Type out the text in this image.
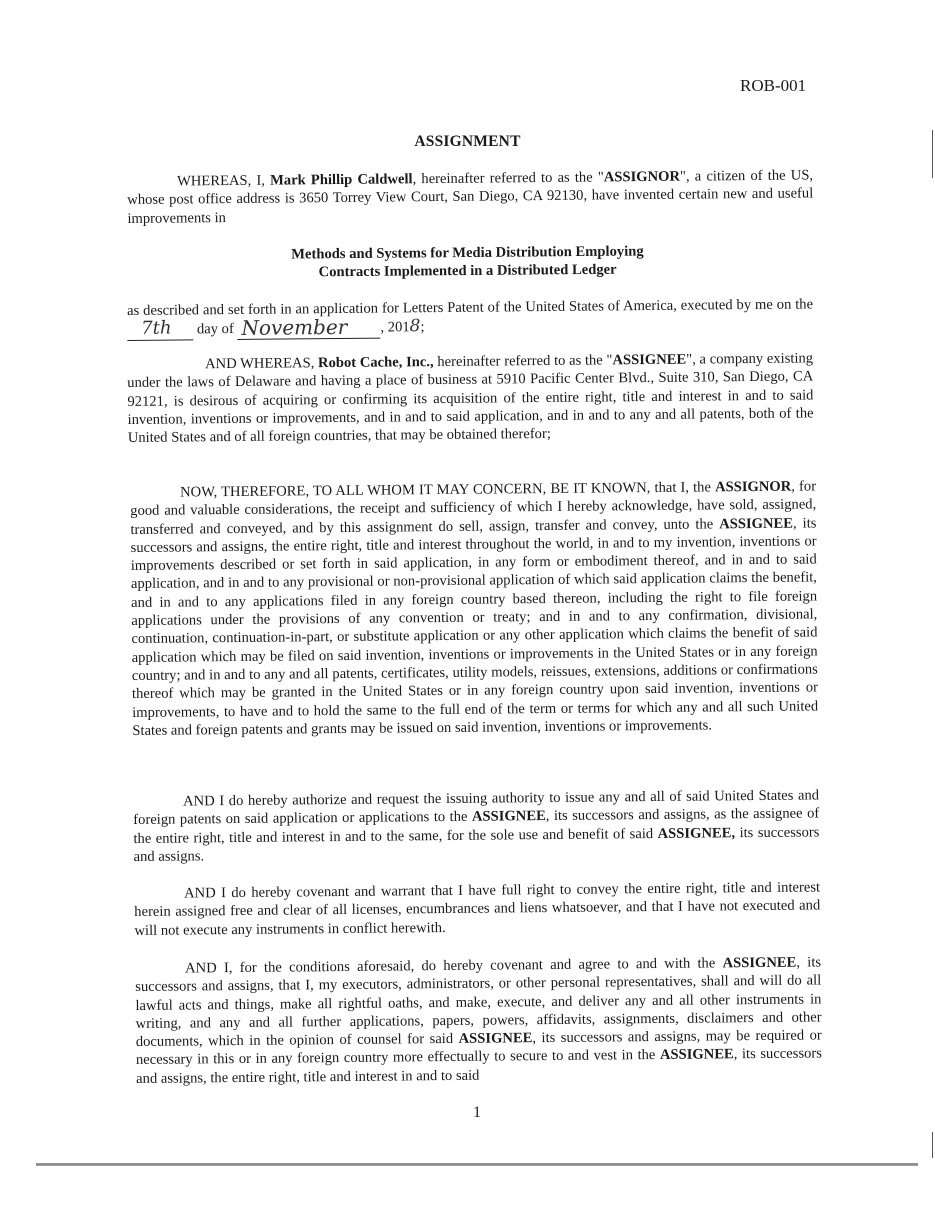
ROB-001
ASSIGNMENT
WHEREAS, I, Mark Phillip Caldwell, hereinafter referred to as the "ASSIGNOR", a citizen of the US, whose post office address is 3650 Torrey View Court, San Diego, CA 92130, have invented certain new and useful improvements in
Methods and Systems for Media Distribution Employing
Contracts Implemented in a Distributed Ledger
as described and set forth in an application for Letters Patent of the United States of America, executed by me on the
7th day of November , 2018;
AND WHEREAS, Robot Cache, Inc., hereinafter referred to as the "ASSIGNEE", a company existing under the laws of Delaware and having a place of business at 5910 Pacific Center Blvd., Suite 310, San Diego, CA 92121, is desirous of acquiring or confirming its acquisition of the entire right, title and interest in and to said invention, inventions or improvements, and in and to said application, and in and to any and all patents, both of the United States and of all foreign countries, that may be obtained therefor;
NOW, THEREFORE, TO ALL WHOM IT MAY CONCERN, BE IT KNOWN, that I, the ASSIGNOR, for good and valuable considerations, the receipt and sufficiency of which I hereby acknowledge, have sold, assigned, transferred and conveyed, and by this assignment do sell, assign, transfer and convey, unto the ASSIGNEE, its successors and assigns, the entire right, title and interest throughout the world, in and to my invention, inventions or improvements described or set forth in said application, in any form or embodiment thereof, and in and to said application, and in and to any provisional or non-provisional application of which said application claims the benefit, and in and to any applications filed in any foreign country based thereon, including the right to file foreign applications under the provisions of any convention or treaty; and in and to any confirmation, divisional, continuation, continuation-in-part, or substitute application or any other application which claims the benefit of said application which may be filed on said invention, inventions or improvements in the United States or in any foreign country; and in and to any and all patents, certificates, utility models, reissues, extensions, additions or confirmations thereof which may be granted in the United States or in any foreign country upon said invention, inventions or improvements, to have and to hold the same to the full end of the term or terms for which any and all such United States and foreign patents and grants may be issued on said invention, inventions or improvements.
AND I do hereby authorize and request the issuing authority to issue any and all of said United States and foreign patents on said application or applications to the ASSIGNEE, its successors and assigns, as the assignee of the entire right, title and interest in and to the same, for the sole use and benefit of said ASSIGNEE, its successors and assigns.
AND I do hereby covenant and warrant that I have full right to convey the entire right, title and interest herein assigned free and clear of all licenses, encumbrances and liens whatsoever, and that I have not executed and will not execute any instruments in conflict herewith.
AND I, for the conditions aforesaid, do hereby covenant and agree to and with the ASSIGNEE, its successors and assigns, that I, my executors, administrators, or other personal representatives, shall and will do all lawful acts and things, make all rightful oaths, and make, execute, and deliver any and all other instruments in writing, and any and all further applications, papers, powers, affidavits, assignments, disclaimers and other documents, which in the opinion of counsel for said ASSIGNEE, its successors and assigns, may be required or necessary in this or in any foreign country more effectually to secure to and vest in the ASSIGNEE, its successors and assigns, the entire right, title and interest in and to said
1
